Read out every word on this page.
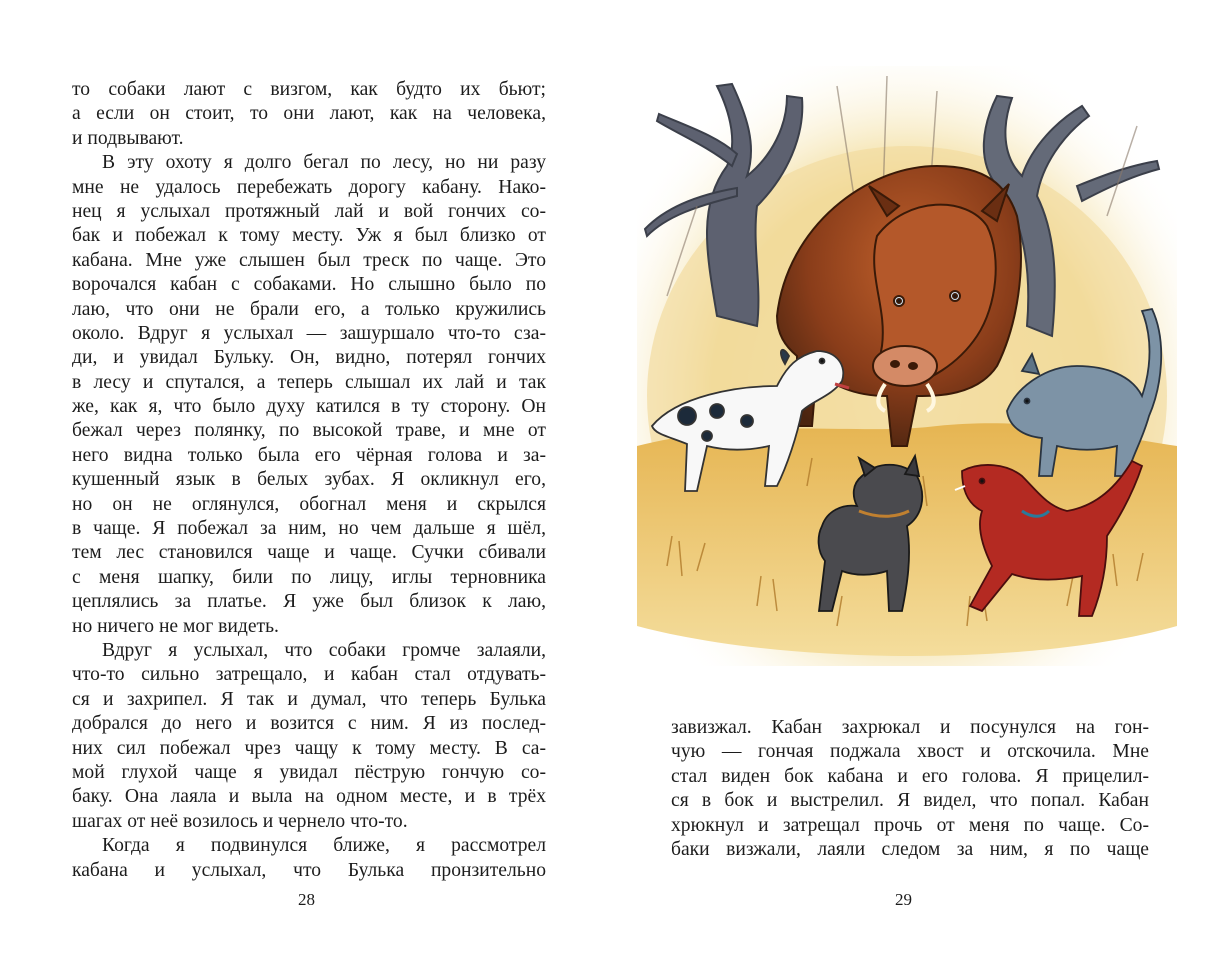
то собаки лают с визгом, как будто их бьют;
а если он стоит, то они лают, как на человека,
и подвывают.
В эту охоту я долго бегал по лесу, но ни разу
мне не удалось перебежать дорогу кабану. Нако-
нец я услыхал протяжный лай и вой гончих со-
бак и побежал к тому месту. Уж я был близко от
кабана. Мне уже слышен был треск по чаще. Это
ворочался кабан с собаками. Но слышно было по
лаю, что они не брали его, а только кружились
около. Вдруг я услыхал — зашуршало что-то сза-
ди, и увидал Бульку. Он, видно, потерял гончих
в лесу и спутался, а теперь слышал их лай и так
же, как я, что было духу катился в ту сторону. Он
бежал через полянку, по высокой траве, и мне от
него видна только была его чёрная голова и за-
кушенный язык в белых зубах. Я окликнул его,
но он не оглянулся, обогнал меня и скрылся
в чаще. Я побежал за ним, но чем дальше я шёл,
тем лес становился чаще и чаще. Сучки сбивали
с меня шапку, били по лицу, иглы терновника
цеплялись за платье. Я уже был близок к лаю,
но ничего не мог видеть.
Вдруг я услыхал, что собаки громче залаяли,
что-то сильно затрещало, и кабан стал отдувать-
ся и захрипел. Я так и думал, что теперь Булька
добрался до него и возится с ним. Я из послед-
них сил побежал чрез чащу к тому месту. В са-
мой глухой чаще я увидал пёструю гончую со-
баку. Она лаяла и выла на одном месте, и в трёх
шагах от неё возилось и чернело что-то.
Когда я подвинулся ближе, я рассмотрел
кабана и услыхал, что Булька пронзительно
28
завизжал. Кабан захрюкал и посунулся на гон-
чую — гончая поджала хвост и отскочила. Мне
стал виден бок кабана и его голова. Я прицелил-
ся в бок и выстрелил. Я видел, что попал. Кабан
хрюкнул и затрещал прочь от меня по чаще. Со-
баки визжали, лаяли следом за ним, я по чаще
29
